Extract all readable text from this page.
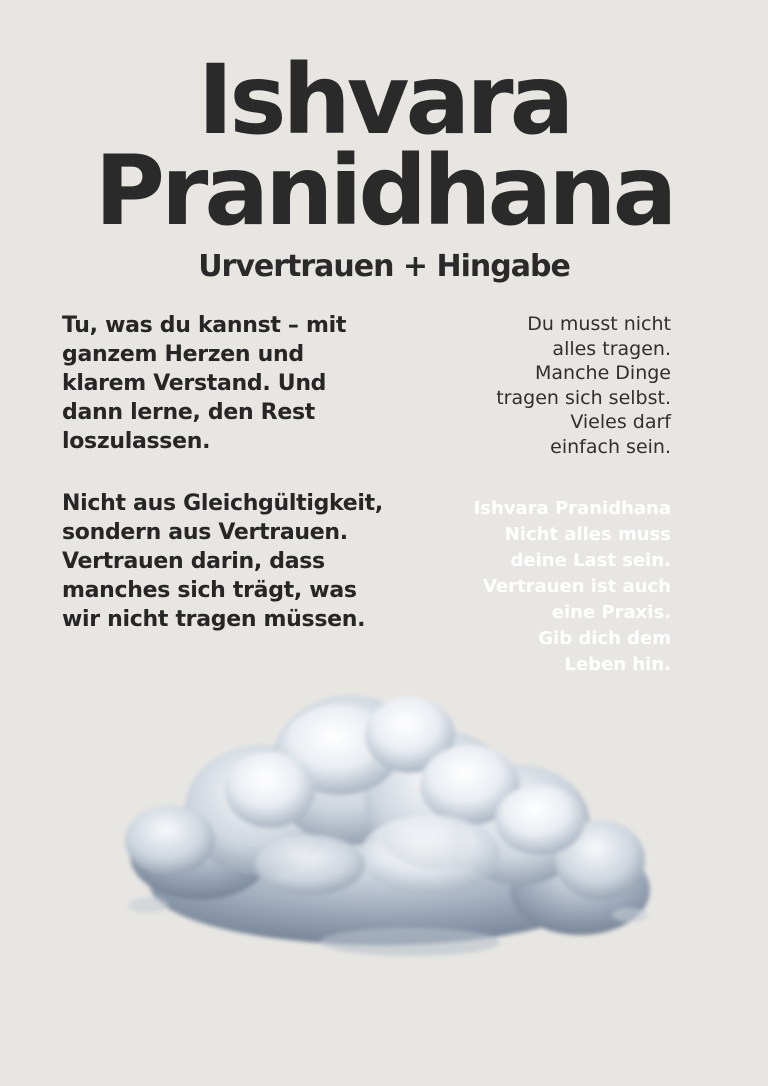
Ishvara
Pranidhana
Urvertrauen + Hingabe
Tu, was du kannst – mit
ganzem Herzen und
klarem Verstand. Und
dann lerne, den Rest
loszulassen.
Nicht aus Gleichgültigkeit,
sondern aus Vertrauen.
Vertrauen darin, dass
manches sich trägt, was
wir nicht tragen müssen.
Du musst nicht
alles tragen.
Manche Dinge
tragen sich selbst.
Vieles darf
einfach sein.
Ishvara Pranidhana
Nicht alles muss
deine Last sein.
Vertrauen ist auch
eine Praxis.
Gib dich dem
Leben hin.
